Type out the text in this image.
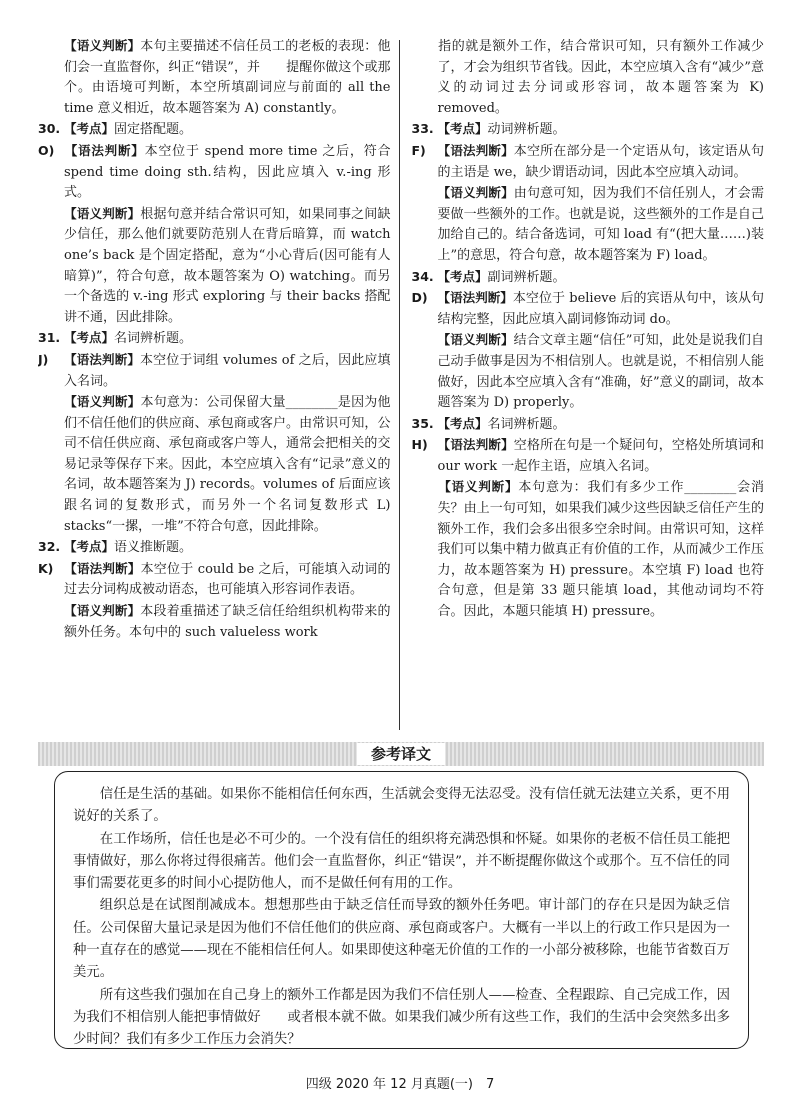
【语义判断】本句主要描述不信任员工的老板的表现：他们会一直监督你，纠正“错误”，并　　提醒你做这个或那个。由语境可判断，本空所填副词应与前面的 all the time 意义相近，故本题答案为 A) constantly。

30. 【考点】固定搭配题。

O) 【语法判断】本空位于 spend more time 之后，符合 spend time doing sth.结构，因此应填入 v.-ing 形式。

【语义判断】根据句意并结合常识可知，如果同事之间缺少信任，那么他们就要防范别人在背后暗算，而 watch one’s back 是个固定搭配，意为“小心背后(因可能有人暗算)”，符合句意，故本题答案为 O) watching。而另一个备选的 v.-ing 形式 exploring 与 their backs 搭配讲不通，因此排除。

31. 【考点】名词辨析题。

J) 【语法判断】本空位于词组 volumes of 之后，因此应填入名词。

【语义判断】本句意为：公司保留大量________是因为他们不信任他们的供应商、承包商或客户。由常识可知，公司不信任供应商、承包商或客户等人，通常会把相关的交易记录等保存下来。因此，本空应填入含有“记录”意义的名词，故本题答案为 J) records。volumes of 后面应该跟名词的复数形式，而另外一个名词复数形式 L) stacks“一摞，一堆”不符合句意，因此排除。

32. 【考点】语义推断题。

K) 【语法判断】本空位于 could be 之后，可能填入动词的过去分词构成被动语态，也可能填入形容词作表语。

【语义判断】本段着重描述了缺乏信任给组织机构带来的额外任务。本句中的 such valueless work

指的就是额外工作，结合常识可知，只有额外工作减少了，才会为组织节省钱。因此，本空应填入含有“减少”意义的动词过去分词或形容词，故本题答案为 K) removed。

33. 【考点】动词辨析题。

F) 【语法判断】本空所在部分是一个定语从句，该定语从句的主语是 we，缺少谓语动词，因此本空应填入动词。

【语义判断】由句意可知，因为我们不信任别人，才会需要做一些额外的工作。也就是说，这些额外的工作是自己加给自己的。结合备选词，可知 load 有“(把大量……)装上”的意思，符合句意，故本题答案为 F) load。

34. 【考点】副词辨析题。

D) 【语法判断】本空位于 believe 后的宾语从句中，该从句结构完整，因此应填入副词修饰动词 do。

【语义判断】结合文章主题“信任”可知，此处是说我们自己动手做事是因为不相信别人。也就是说，不相信别人能做好，因此本空应填入含有“准确，好”意义的副词，故本题答案为 D) properly。

35. 【考点】名词辨析题。

H) 【语法判断】空格所在句是一个疑问句，空格处所填词和 our work 一起作主语，应填入名词。

【语义判断】本句意为：我们有多少工作________会消失？由上一句可知，如果我们减少这些因缺乏信任产生的额外工作，我们会多出很多空余时间。由常识可知，这样我们可以集中精力做真正有价值的工作，从而减少工作压力，故本题答案为 H) pressure。本空填 F) load 也符合句意，但是第 33 题只能填 load，其他动词均不符合。因此，本题只能填 H) pressure。

参考译文

信任是生活的基础。如果你不能相信任何东西，生活就会变得无法忍受。没有信任就无法建立关系，更不用说好的关系了。

在工作场所，信任也是必不可少的。一个没有信任的组织将充满恐惧和怀疑。如果你的老板不信任员工能把事情做好，那么你将过得很痛苦。他们会一直监督你，纠正“错误”，并不断提醒你做这个或那个。互不信任的同事们需要花更多的时间小心提防他人，而不是做任何有用的工作。

组织总是在试图削减成本。想想那些由于缺乏信任而导致的额外任务吧。审计部门的存在只是因为缺乏信任。公司保留大量记录是因为他们不信任他们的供应商、承包商或客户。大概有一半以上的行政工作只是因为一种一直存在的感觉——现在不能相信任何人。如果即使这种毫无价值的工作的一小部分被移除，也能节省数百万美元。

所有这些我们强加在自己身上的额外工作都是因为我们不信任别人——检查、全程跟踪、自己完成工作，因为我们不相信别人能把事情做好　　或者根本就不做。如果我们减少所有这些工作，我们的生活中会突然多出多少时间？我们有多少工作压力会消失？

四级 2020 年 12 月真题(一)　7
